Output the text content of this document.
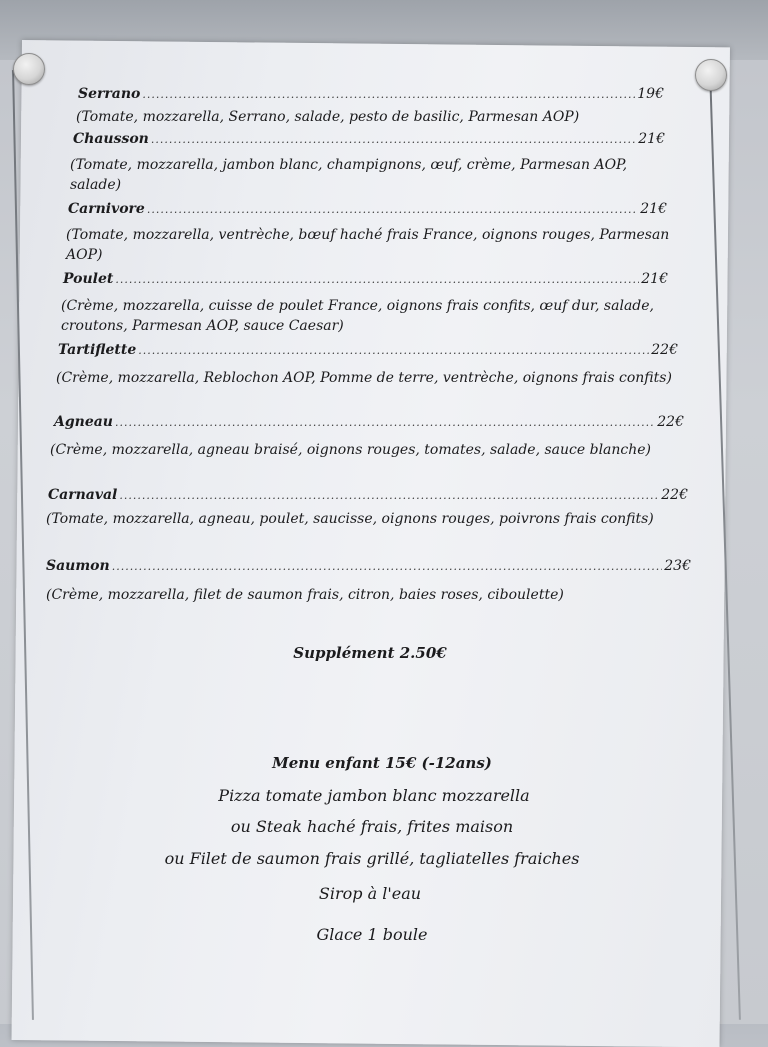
Serrano .....	19€
(Tomate, mozzarella, Serrano, salade, pesto de basilic, Parmesan AOP)
Chausson .....	21€
(Tomate, mozzarella, jambon blanc, champignons, œuf, crème, Parmesan AOP, salade)
Carnivore .....	21€
(Tomate, mozzarella, ventrèche, bœuf haché frais France, oignons rouges, Parmesan AOP)
Poulet .....	21€
(Crème, mozzarella, cuisse de poulet France, oignons frais confits, œuf dur, salade, croutons, Parmesan AOP, sauce Caesar)
Tartiflette .....	22€
(Crème, mozzarella, Reblochon AOP, Pomme de terre, ventrèche, oignons frais confits)
Agneau .....	22€
(Crème, mozzarella, agneau braisé, oignons rouges, tomates, salade, sauce blanche)
Carnaval .....	22€
(Tomate, mozzarella, agneau, poulet, saucisse, oignons rouges, poivrons frais confits)
Saumon .....	23€
(Crème, mozzarella, filet de saumon frais, citron, baies roses, ciboulette)
Supplément 2.50€
Menu enfant 15€ (-12ans)
Pizza tomate jambon blanc mozzarella
ou Steak haché frais, frites maison
ou Filet de saumon frais grillé, tagliatelles fraiches
Sirop à l'eau
Glace 1 boule
